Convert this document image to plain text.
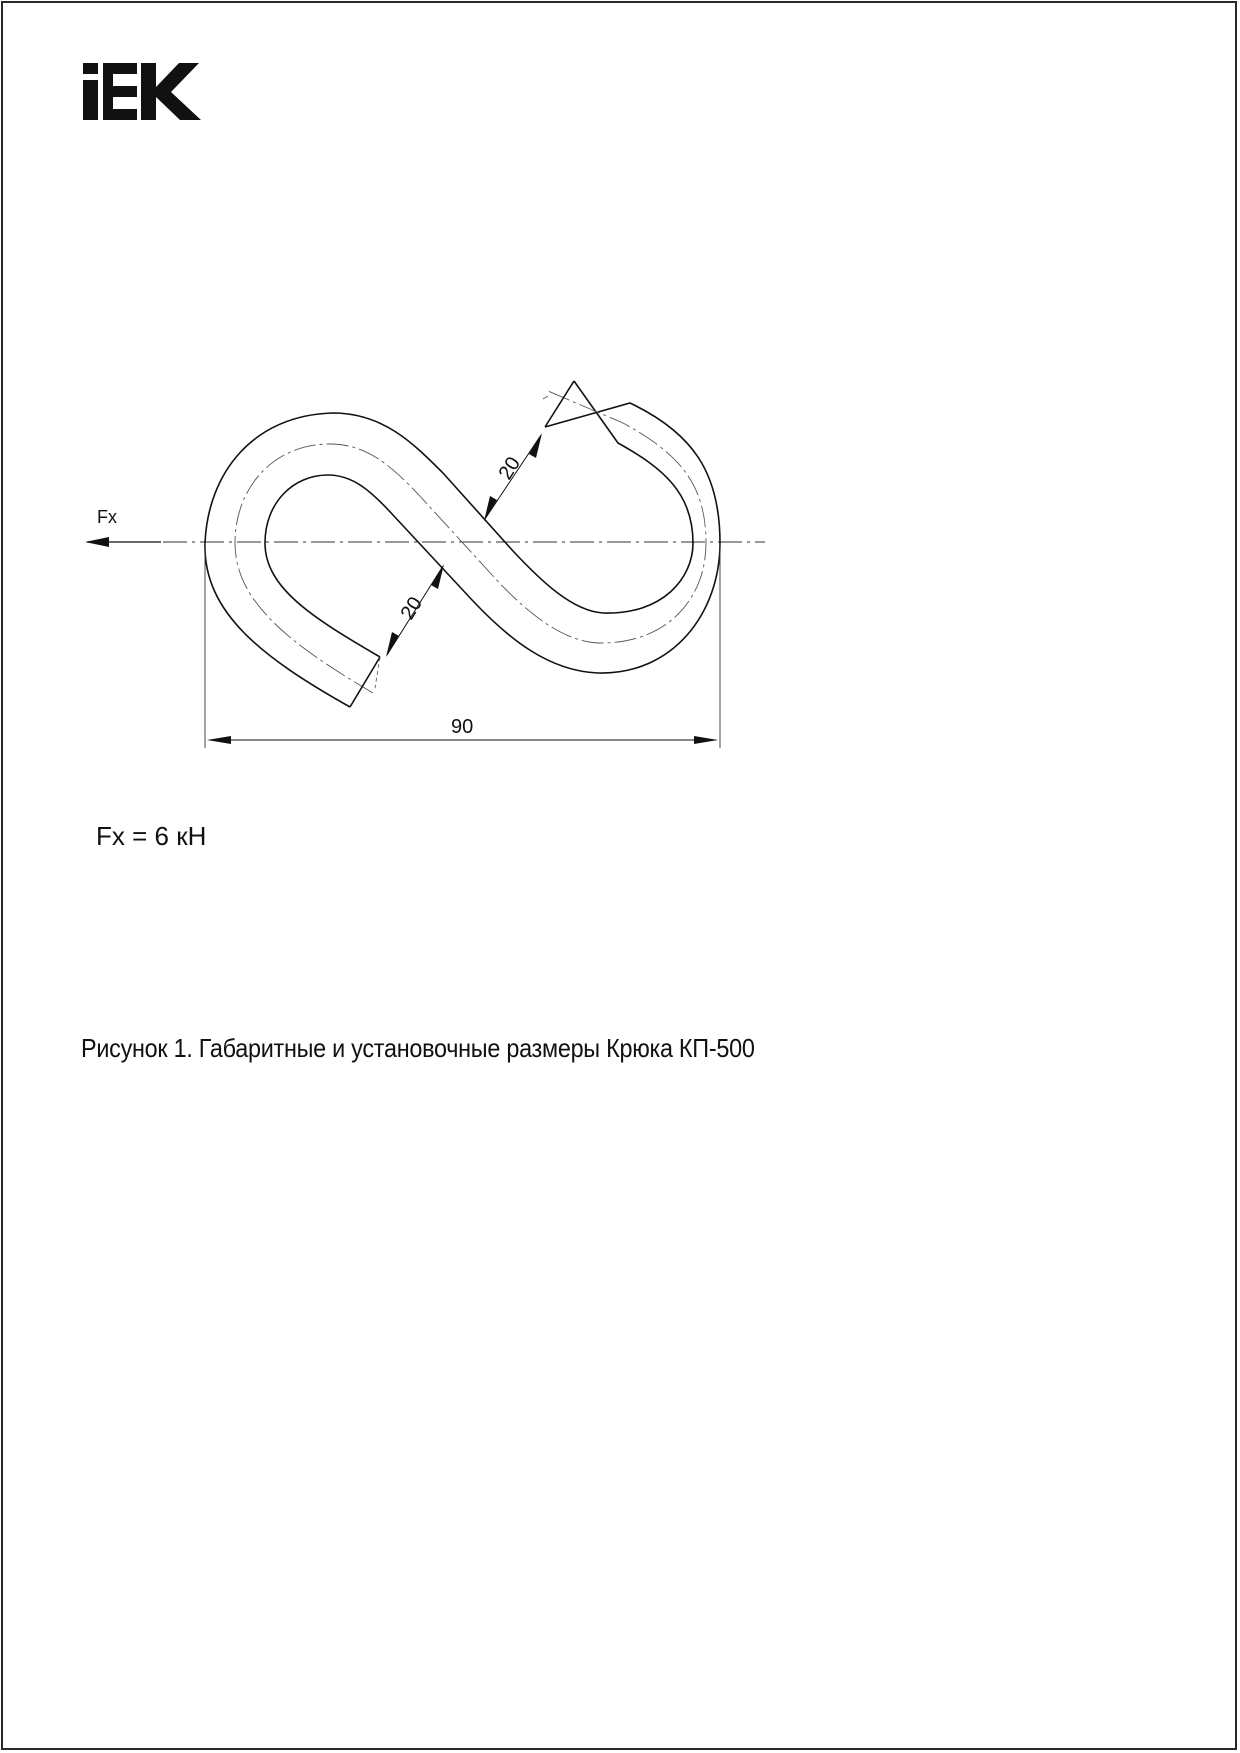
Fx
90
20
20
Fx = 6 кН
Рисунок 1. Габаритные и установочные размеры Крюка КП-500
